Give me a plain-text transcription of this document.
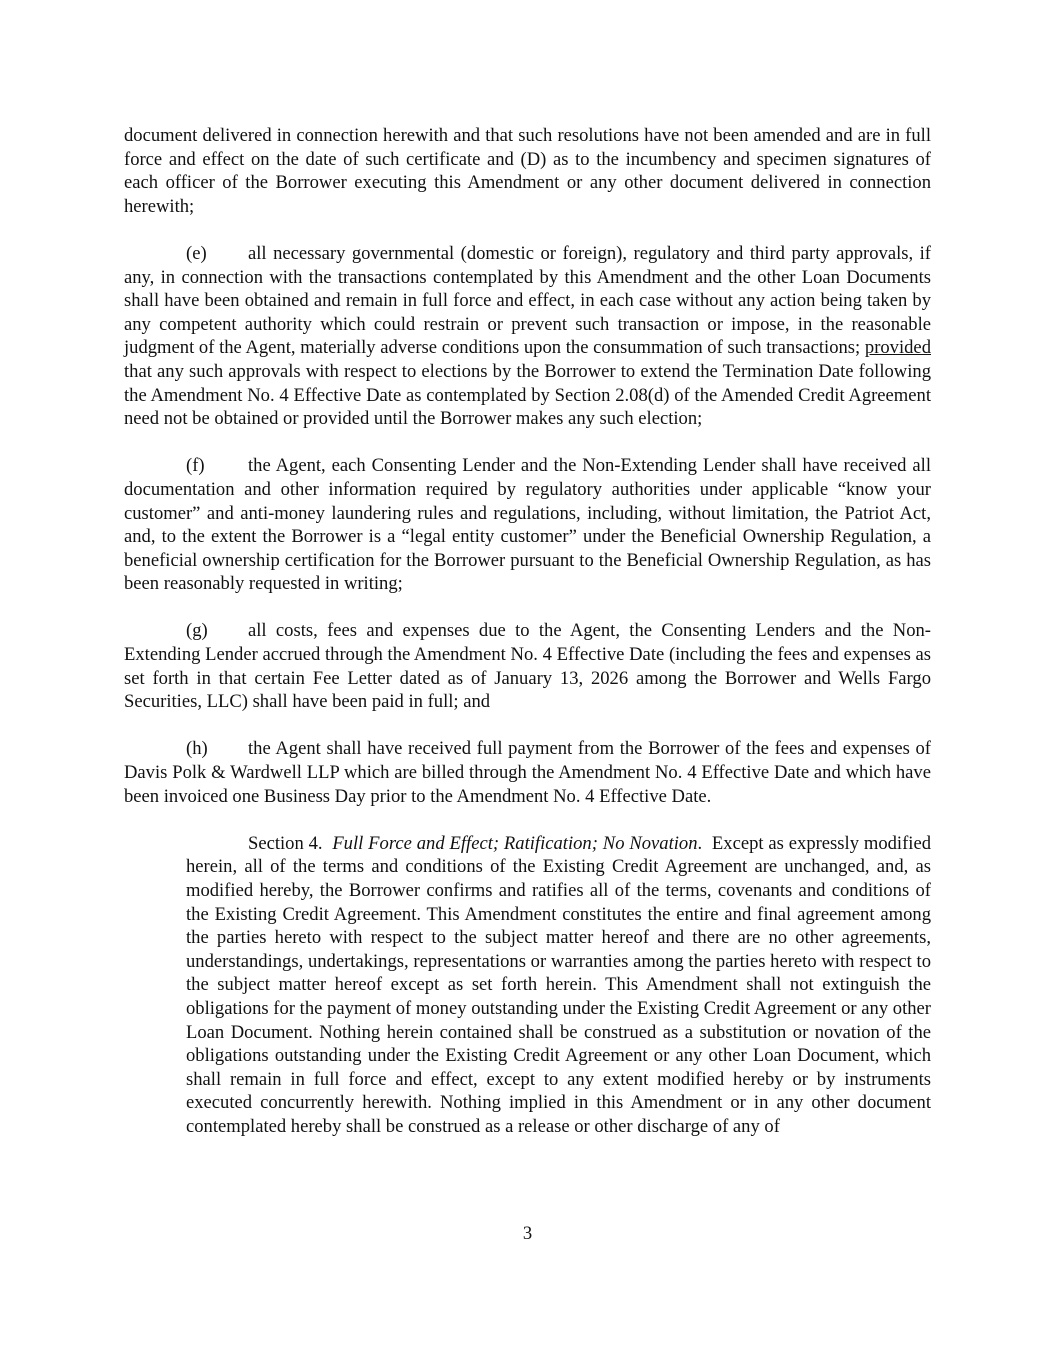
document delivered in connection herewith and that such resolutions have not been amended and are in full force and effect on the date of such certificate and (D) as to the incumbency and specimen signatures of each officer of the Borrower executing this Amendment or any other document delivered in connection herewith;

(e) all necessary governmental (domestic or foreign), regulatory and third party approvals, if any, in connection with the transactions contemplated by this Amendment and the other Loan Documents shall have been obtained and remain in full force and effect, in each case without any action being taken by any competent authority which could restrain or prevent such transaction or impose, in the reasonable judgment of the Agent, materially adverse conditions upon the consummation of such transactions; provided that any such approvals with respect to elections by the Borrower to extend the Termination Date following the Amendment No. 4 Effective Date as contemplated by Section 2.08(d) of the Amended Credit Agreement need not be obtained or provided until the Borrower makes any such election;

(f) the Agent, each Consenting Lender and the Non-Extending Lender shall have received all documentation and other information required by regulatory authorities under applicable “know your customer” and anti-money laundering rules and regulations, including, without limitation, the Patriot Act, and, to the extent the Borrower is a “legal entity customer” under the Beneficial Ownership Regulation, a beneficial ownership certification for the Borrower pursuant to the Beneficial Ownership Regulation, as has been reasonably requested in writing;

(g) all costs, fees and expenses due to the Agent, the Consenting Lenders and the Non-Extending Lender accrued through the Amendment No. 4 Effective Date (including the fees and expenses as set forth in that certain Fee Letter dated as of January 13, 2026 among the Borrower and Wells Fargo Securities, LLC) shall have been paid in full; and

(h) the Agent shall have received full payment from the Borrower of the fees and expenses of Davis Polk & Wardwell LLP which are billed through the Amendment No. 4 Effective Date and which have been invoiced one Business Day prior to the Amendment No. 4 Effective Date.

Section 4. Full Force and Effect; Ratification; No Novation. Except as expressly modified herein, all of the terms and conditions of the Existing Credit Agreement are unchanged, and, as modified hereby, the Borrower confirms and ratifies all of the terms, covenants and conditions of the Existing Credit Agreement. This Amendment constitutes the entire and final agreement among the parties hereto with respect to the subject matter hereof and there are no other agreements, understandings, undertakings, representations or warranties among the parties hereto with respect to the subject matter hereof except as set forth herein. This Amendment shall not extinguish the obligations for the payment of money outstanding under the Existing Credit Agreement or any other Loan Document. Nothing herein contained shall be construed as a substitution or novation of the obligations outstanding under the Existing Credit Agreement or any other Loan Document, which shall remain in full force and effect, except to any extent modified hereby or by instruments executed concurrently herewith. Nothing implied in this Amendment or in any other document contemplated hereby shall be construed as a release or other discharge of any of

3
